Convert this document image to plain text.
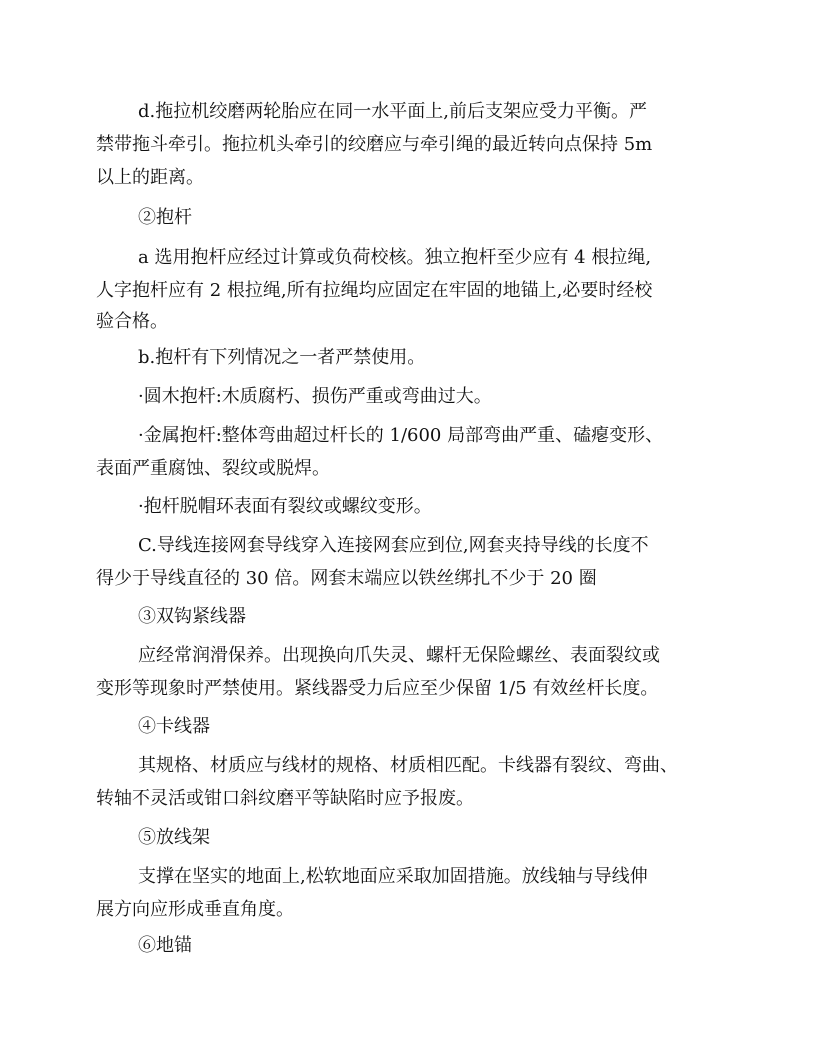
d.拖拉机绞磨两轮胎应在同一水平面上,前后支架应受力平衡。严
禁带拖斗牵引。拖拉机头牵引的绞磨应与牵引绳的最近转向点保持 5m
以上的距离。
②抱杆
a 选用抱杆应经过计算或负荷校核。独立抱杆至少应有 4 根拉绳,
人字抱杆应有 2 根拉绳,所有拉绳均应固定在牢固的地锚上,必要时经校
验合格。
b.抱杆有下列情况之一者严禁使用。
·圆木抱杆:木质腐朽、损伤严重或弯曲过大。
·金属抱杆:整体弯曲超过杆长的 1/600 局部弯曲严重、磕瘪变形、
表面严重腐蚀、裂纹或脱焊。
·抱杆脱帽环表面有裂纹或螺纹变形。
C.导线连接网套导线穿入连接网套应到位,网套夹持导线的长度不
得少于导线直径的 30 倍。网套末端应以铁丝绑扎不少于 20 圈
③双钩紧线器
应经常润滑保养。出现换向爪失灵、螺杆无保险螺丝、表面裂纹或
变形等现象时严禁使用。紧线器受力后应至少保留 1/5 有效丝杆长度。
④卡线器
其规格、材质应与线材的规格、材质相匹配。卡线器有裂纹、弯曲、
转轴不灵活或钳口斜纹磨平等缺陷时应予报废。
⑤放线架
支撑在坚实的地面上,松软地面应采取加固措施。放线轴与导线伸
展方向应形成垂直角度。
⑥地锚
